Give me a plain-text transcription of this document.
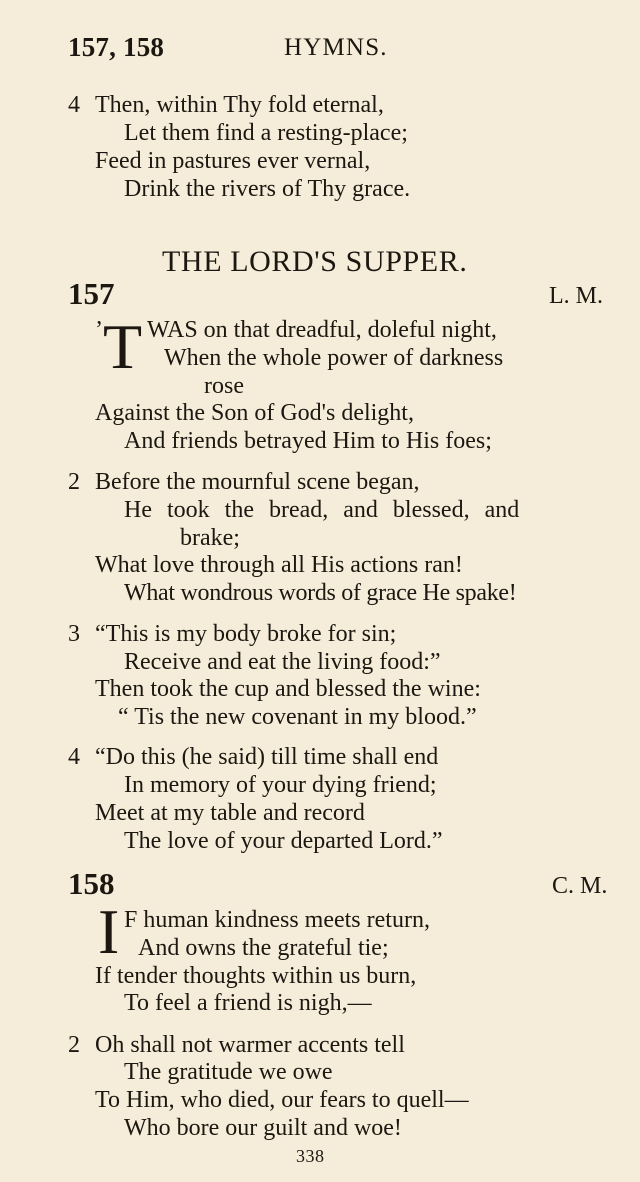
157, 158	HYMNS.
4 Then, within Thy fold eternal,
Let them find a resting-place;
Feed in pastures ever vernal,
Drink the rivers of Thy grace.
THE LORD'S SUPPER.
157	L. M.
’ T WAS on that dreadful, doleful night,
When the whole power of darkness
rose
Against the Son of God's delight,
And friends betrayed Him to His foes;
2 Before the mournful scene began,
He took the bread, and blessed, and
brake;
What love through all His actions ran!
What wondrous words of grace He spake!
3 “This is my body broke for sin;
Receive and eat the living food:”
Then took the cup and blessed the wine:
“ Tis the new covenant in my blood.”
4 “Do this (he said) till time shall end
In memory of your dying friend;
Meet at my table and record
The love of your departed Lord.”
158	C. M.
I F human kindness meets return,
And owns the grateful tie;
If tender thoughts within us burn,
To feel a friend is nigh,—
2 Oh shall not warmer accents tell
The gratitude we owe
To Him, who died, our fears to quell—
Who bore our guilt and woe!
338
